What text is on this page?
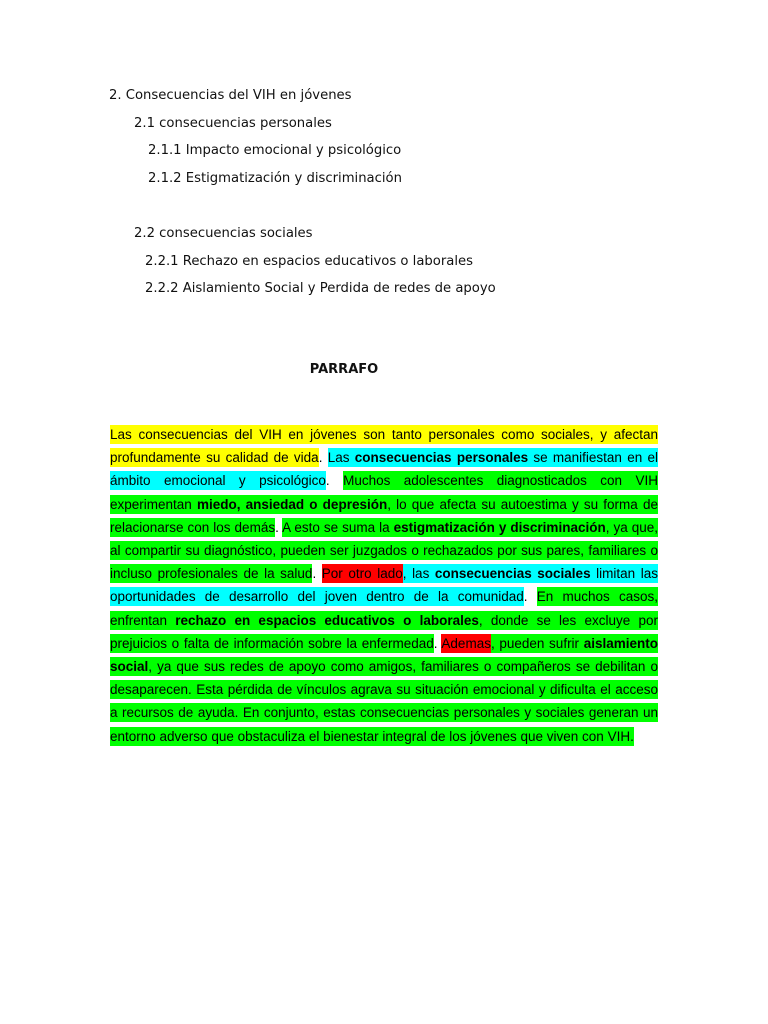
2. Consecuencias del VIH en jóvenes
2.1 consecuencias personales
2.1.1 Impacto emocional y psicológico
2.1.2 Estigmatización y discriminación
2.2 consecuencias sociales
2.2.1 Rechazo en espacios educativos o laborales
2.2.2 Aislamiento Social y Perdida de redes de apoyo
PARRAFO

Las consecuencias del VIH en jóvenes son tanto personales como sociales, y afectan profundamente su calidad de vida. Las consecuencias personales se manifiestan en el ámbito emocional y psicológico. Muchos adolescentes diagnosticados con VIH experimentan miedo, ansiedad o depresión, lo que afecta su autoestima y su forma de relacionarse con los demás. A esto se suma la estigmatización y discriminación, ya que, al compartir su diagnóstico, pueden ser juzgados o rechazados por sus pares, familiares o incluso profesionales de la salud. Por otro lado, las consecuencias sociales limitan las oportunidades de desarrollo del joven dentro de la comunidad. En muchos casos, enfrentan rechazo en espacios educativos o laborales, donde se les excluye por prejuicios o falta de información sobre la enfermedad. Ademas, pueden sufrir aislamiento social, ya que sus redes de apoyo como amigos, familiares o compañeros se debilitan o desaparecen. Esta pérdida de vínculos agrava su situación emocional y dificulta el acceso a recursos de ayuda. En conjunto, estas consecuencias personales y sociales generan un entorno adverso que obstaculiza el bienestar integral de los jóvenes que viven con VIH.
